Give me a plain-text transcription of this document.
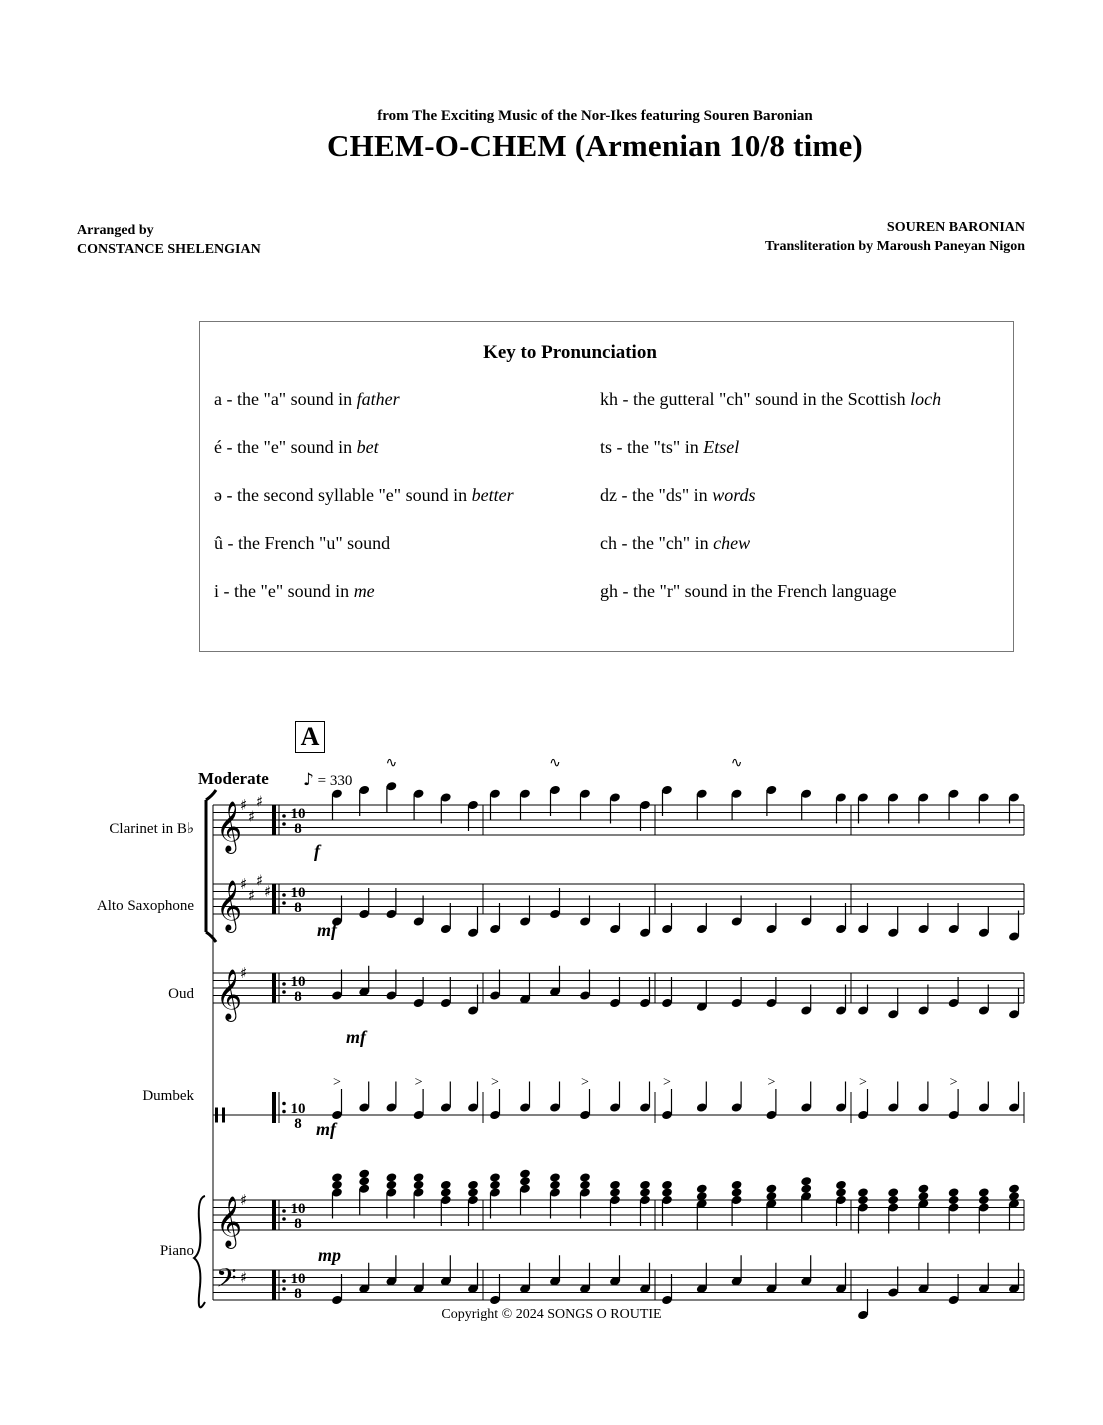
from The Exciting Music of the Nor-Ikes featuring Souren Baronian
CHEM-O-CHEM (Armenian 10/8 time)
Arranged by
CONSTANCE SHELENGIAN
SOUREN BARONIAN
Transliteration by Maroush Paneyan Nigon
Key to Pronunciation
a - the "a" sound in father
é - the "e" sound in bet
ə - the second syllable "e" sound in better
û - the French "u" sound
i - the "e" sound in me
kh - the gutteral "ch" sound in the Scottish loch
ts - the "ts" in Etsel
dz - the "ds" in words
ch - the "ch" in chew
gh - the "r" sound in the French language
A
Moderate ♪ = 330
Clarinet in B♭
Alto Saxophone
Oud
Dumbek
Piano
𝄞
♯
♯
♯
10
8
𝄞
♯
♯
♯
♯ 10
8
𝄞
♯	10
8
10
8
𝄞
♯	10
8
𝄢 ♯	10
8
∿	∿	∿
>	>	>	>	>	>	>	>
f
mf
mf
mf
mp
Copyright © 2024 SONGS O ROUTIE
